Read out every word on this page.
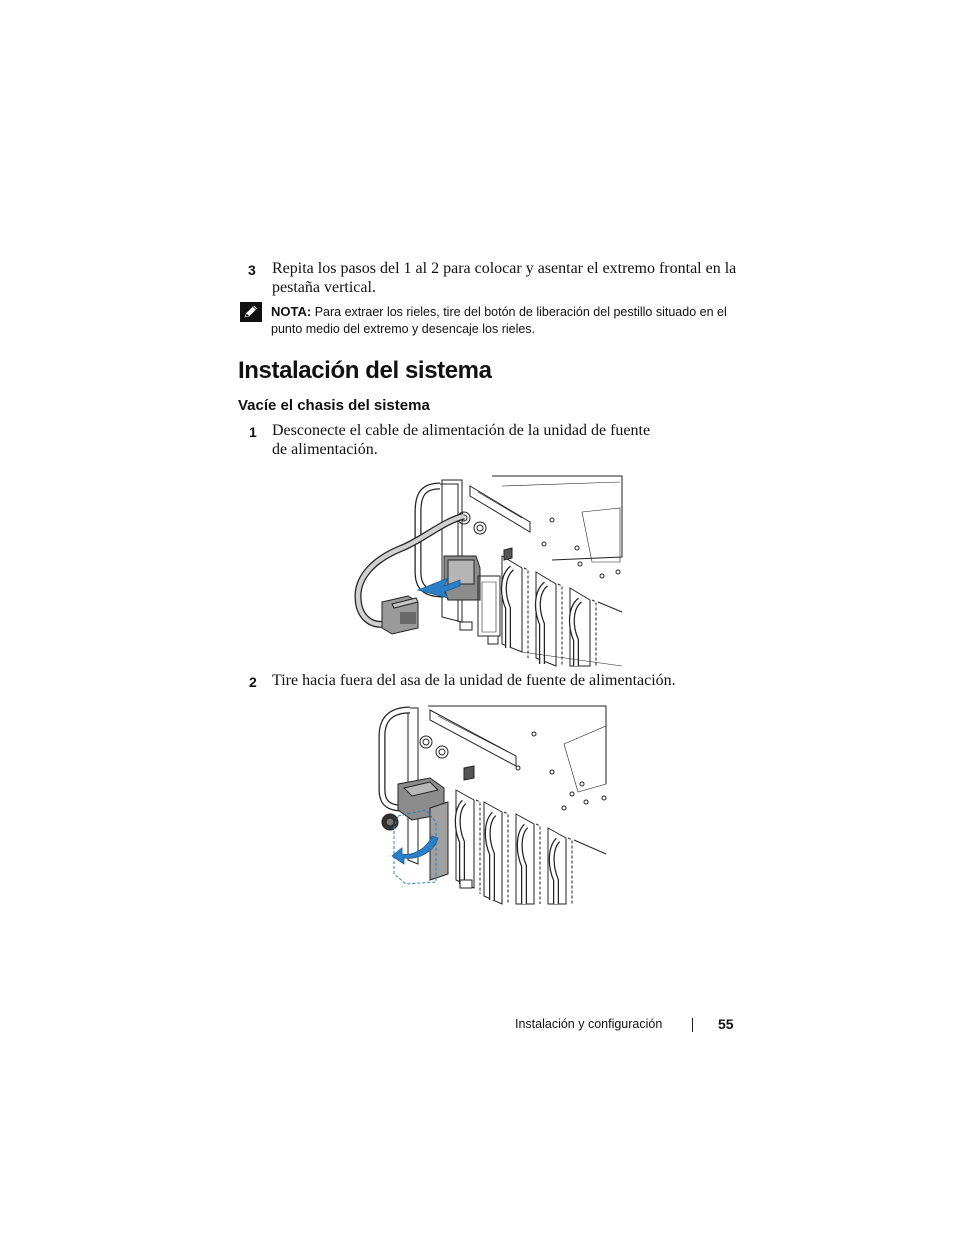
3 Repita los pasos del 1 al 2 para colocar y asentar el extremo frontal en la
pestaña vertical.
NOTA: Para extraer los rieles, tire del botón de liberación del pestillo situado en el
punto medio del extremo y desencaje los rieles.
Instalación del sistema
Vacíe el chasis del sistema
1 Desconecte el cable de alimentación de la unidad de fuente
de alimentación.
2 Tire hacia fuera del asa de la unidad de fuente de alimentación.
Instalación y configuración	55
